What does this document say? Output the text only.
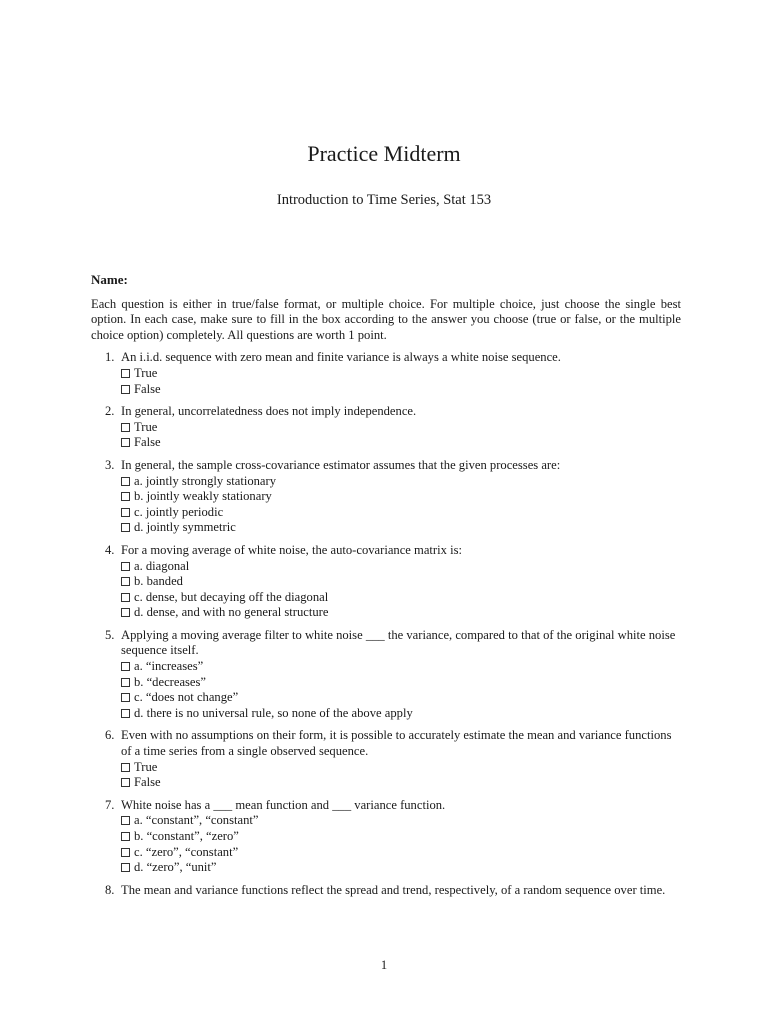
Practice Midterm
Introduction to Time Series, Stat 153
Name:
Each question is either in true/false format, or multiple choice. For multiple choice, just choose the single best option. In each case, make sure to fill in the box according to the answer you choose (true or false, or the multiple choice option) completely. All questions are worth 1 point.
1. An i.i.d. sequence with zero mean and finite variance is always a white noise sequence.
True
False
2. In general, uncorrelatedness does not imply independence.
True
False
3. In general, the sample cross-covariance estimator assumes that the given processes are:
a. jointly strongly stationary
b. jointly weakly stationary
c. jointly periodic
d. jointly symmetric
4. For a moving average of white noise, the auto-covariance matrix is:
a. diagonal
b. banded
c. dense, but decaying off the diagonal
d. dense, and with no general structure
5. Applying a moving average filter to white noise ___ the variance, compared to that of the original white noise sequence itself.
a. “increases”
b. “decreases”
c. “does not change”
d. there is no universal rule, so none of the above apply
6. Even with no assumptions on their form, it is possible to accurately estimate the mean and variance functions of a time series from a single observed sequence.
True
False
7. White noise has a ___ mean function and ___ variance function.
a. “constant”, “constant”
b. “constant”, “zero”
c. “zero”, “constant”
d. “zero”, “unit”
8. The mean and variance functions reflect the spread and trend, respectively, of a random sequence over time.
1
